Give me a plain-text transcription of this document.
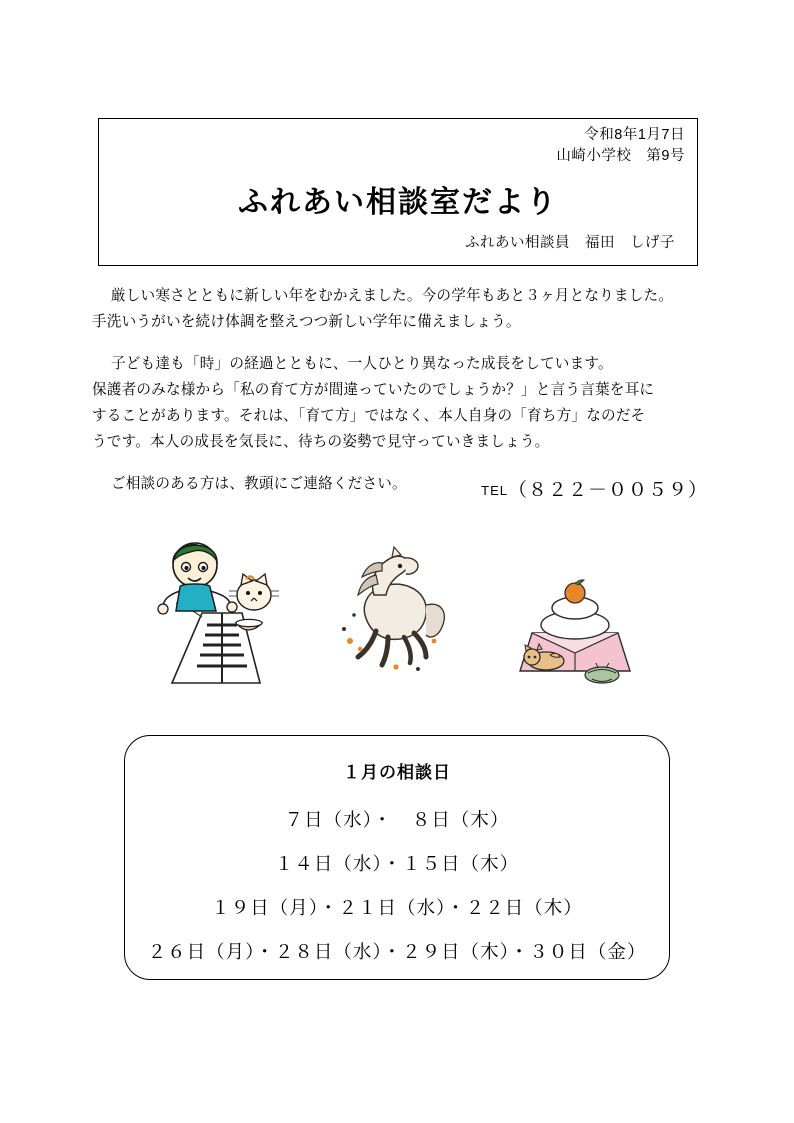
令和8年1月7日
山崎小学校　第9号
ふれあい相談室だより
ふれあい相談員　福田　しげ子

厳しい寒さとともに新しい年をむかえました。今の学年もあと３ヶ月となりました。
手洗いうがいを続け体調を整えつつ新しい学年に備えましょう。

子ども達も「時」の経過とともに、一人ひとり異なった成長をしています。
保護者のみな様から「私の育て方が間違っていたのでしょうか？」と言う言葉を耳に
することがあります。それは、「育て方」ではなく、本人自身の「育ち方」なのだそ
うです。本人の成長を気長に、待ちの姿勢で見守っていきましょう。

ご相談のある方は、教頭にご連絡ください。	TEL（８２２－００５９）
１月の相談日
７日（水）・　８日（木）
１４日（水）・１５日（木）
１９日（月）・２１日（水）・２２日（木）
２６日（月）・２８日（水）・２９日（木）・３０日（金）
